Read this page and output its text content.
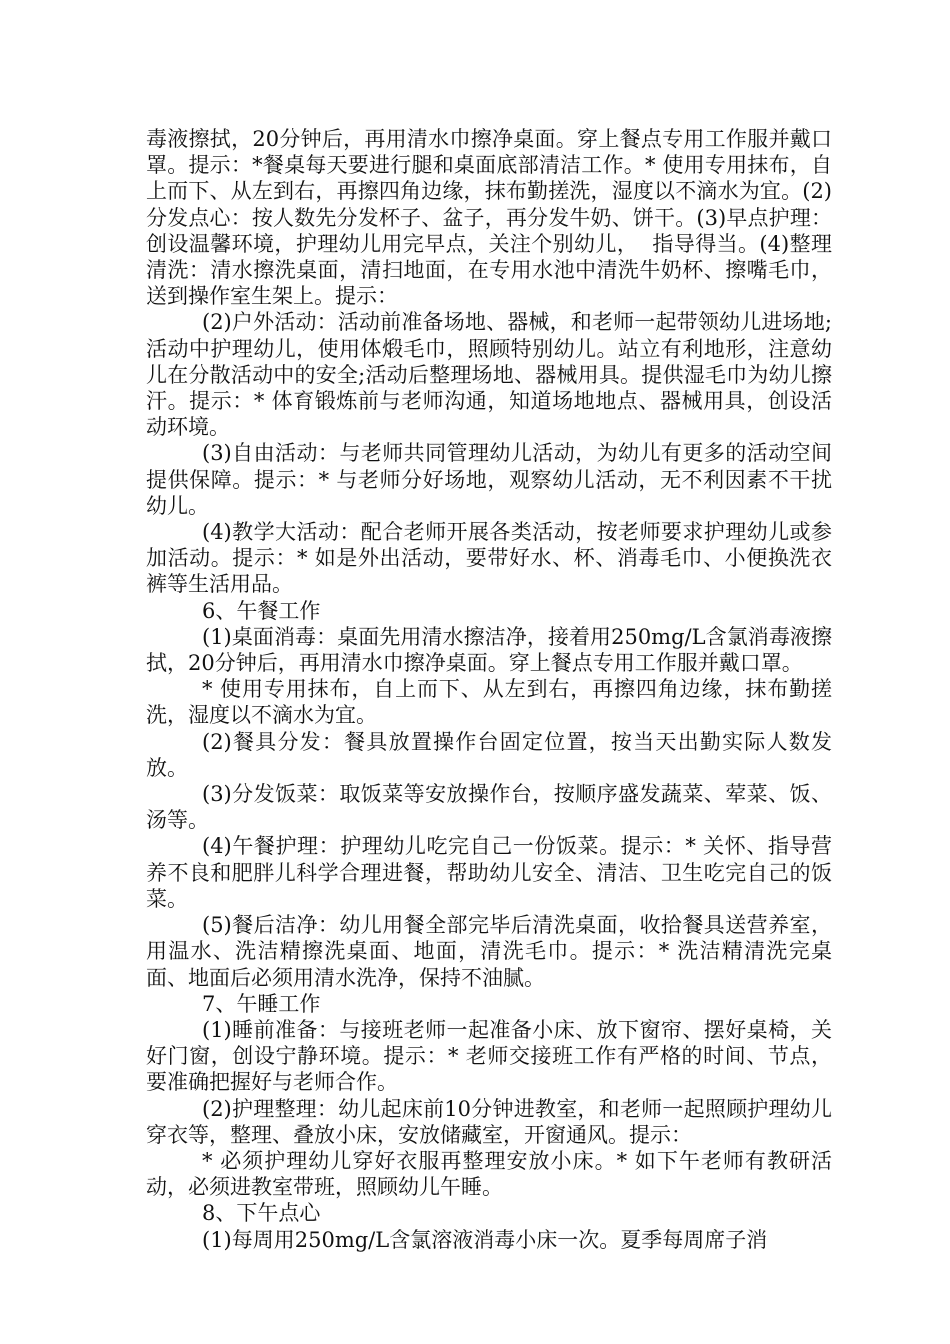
毒液擦拭，20分钟后，再用清水巾擦净桌面。穿上餐点专用工作服并戴口罩。提示：*餐桌每天要进行腿和桌面底部清洁工作。* 使用专用抹布，自上而下、从左到右，再擦四角边缘，抹布勤搓洗，湿度以不滴水为宜。(2)分发点心：按人数先分发杯子、盆子，再分发牛奶、饼干。(3)早点护理：创设温馨环境，护理幼儿用完早点，关注个别幼儿，  指导得当。(4)整理清洗：清水擦洗桌面，清扫地面，在专用水池中清洗牛奶杯、擦嘴毛巾，送到操作室生架上。提示：

(2)户外活动：活动前准备场地、器械，和老师一起带领幼儿进场地;活动中护理幼儿，使用体煅毛巾，照顾特别幼儿。站立有利地形，注意幼儿在分散活动中的安全;活动后整理场地、器械用具。提供湿毛巾为幼儿擦汗。提示：* 体育锻炼前与老师沟通，知道场地地点、器械用具，创设活动环境。

(3)自由活动：与老师共同管理幼儿活动，为幼儿有更多的活动空间提供保障。提示：* 与老师分好场地，观察幼儿活动，无不利因素不干扰幼儿。

(4)教学大活动：配合老师开展各类活动，按老师要求护理幼儿或参加活动。提示：* 如是外出活动，要带好水、杯、消毒毛巾、小便换洗衣裤等生活用品。

6、午餐工作

(1)桌面消毒：桌面先用清水擦洁净，接着用250mg/L含氯消毒液擦拭，20分钟后，再用清水巾擦净桌面。穿上餐点专用工作服并戴口罩。

* 使用专用抹布，自上而下、从左到右，再擦四角边缘，抹布勤搓洗，湿度以不滴水为宜。

(2)餐具分发：餐具放置操作台固定位置，按当天出勤实际人数发放。

(3)分发饭菜：取饭菜等安放操作台，按顺序盛发蔬菜、荤菜、饭、汤等。

(4)午餐护理：护理幼儿吃完自己一份饭菜。提示：* 关怀、指导营养不良和肥胖儿科学合理进餐，帮助幼儿安全、清洁、卫生吃完自己的饭菜。

(5)餐后洁净：幼儿用餐全部完毕后清洗桌面，收拾餐具送营养室，用温水、洗洁精擦洗桌面、地面，清洗毛巾。提示：* 洗洁精清洗完桌面、地面后必须用清水洗净，保持不油腻。

7、午睡工作

(1)睡前准备：与接班老师一起准备小床、放下窗帘、摆好桌椅，关好门窗，创设宁静环境。提示：* 老师交接班工作有严格的时间、节点，要准确把握好与老师合作。

(2)护理整理：幼儿起床前10分钟进教室，和老师一起照顾护理幼儿穿衣等，整理、叠放小床，安放储藏室，开窗通风。提示：

* 必须护理幼儿穿好衣服再整理安放小床。* 如下午老师有教研活动，必须进教室带班，照顾幼儿午睡。

8、下午点心

(1)每周用250mg/L含氯溶液消毒小床一次。夏季每周席子消
